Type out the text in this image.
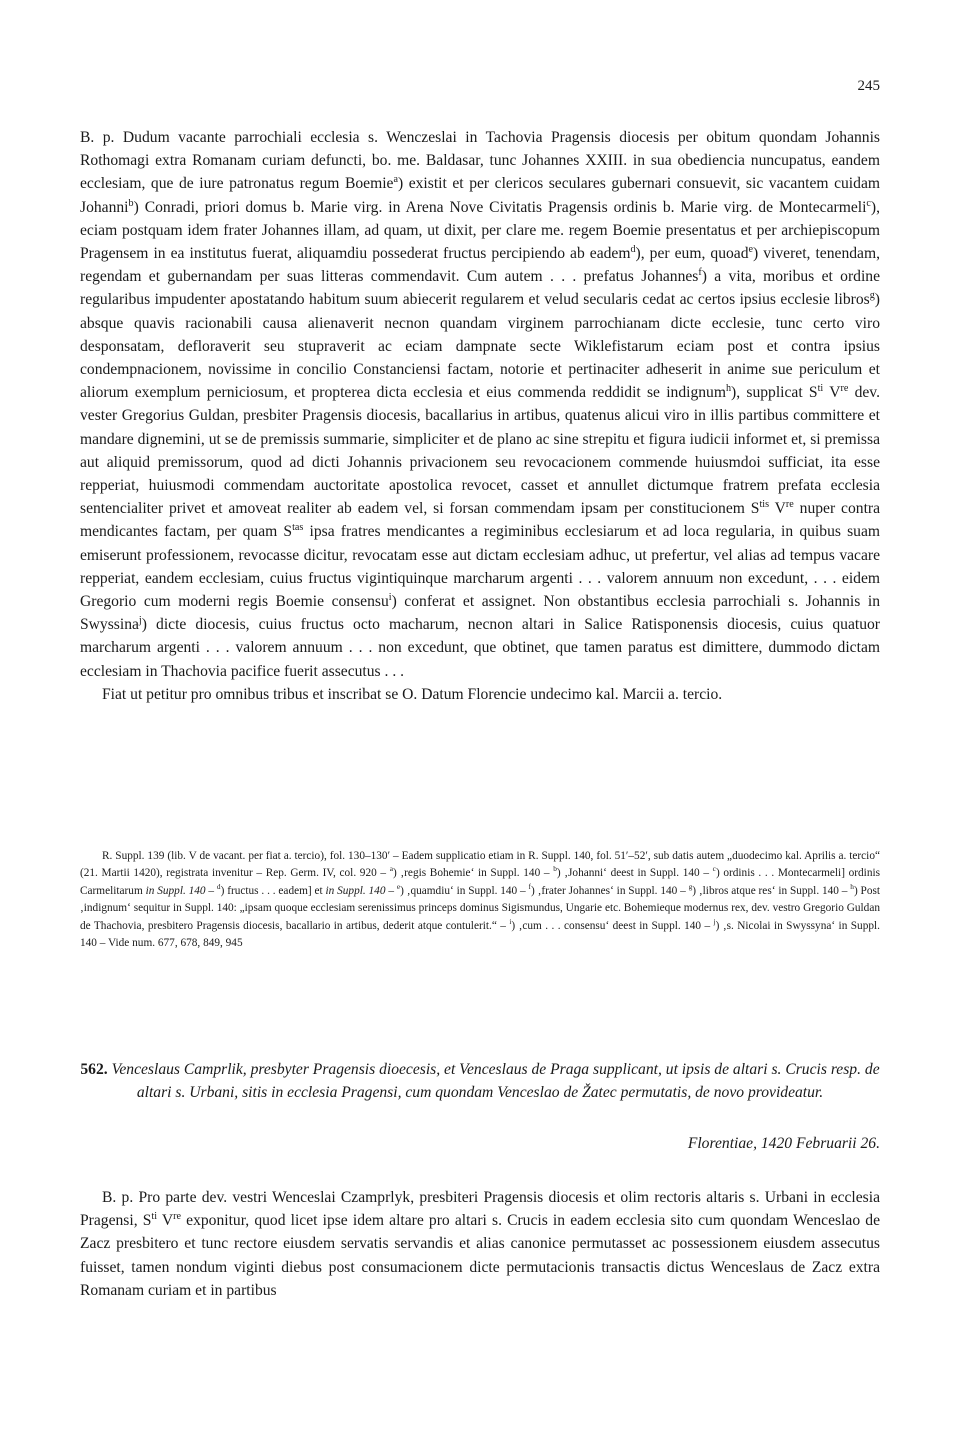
245

B. p. Dudum vacante parrochiali ecclesia s. Wenczeslai in Tachovia Pragensis diocesis per obitum quondam Johannis Rothomagi extra Romanam curiam defuncti, bo. me. Baldasar, tunc Johannes XXIII. in sua obediencia nuncupatus, eandem ecclesiam, que de iure patronatus regum Boemie$^a$) existit et per clericos seculares gubernari consuevit, sic vacantem cuidam Johanni$^b$) Conradi, priori domus b. Marie virg. in Arena Nove Civitatis Pragensis ordinis b. Marie virg. de Montecarmeli$^c$), eciam postquam idem frater Johannes illam, ad quam, ut dixit, per clare me. regem Boemie presentatus et per archiepiscopum Pragensem in ea institutus fuerat, aliquamdiu possederat fructus percipiendo ab eadem$^d$), per eum, quoad$^e$) viveret, tenendam, regendam et gubernandam per suas litteras commendavit. Cum autem . . . prefatus Johannes$^f$) a vita, moribus et ordine regularibus impudenter apostatando habitum suum abiecerit regularem et velud secularis cedat ac certos ipsius ecclesie libros$^g$) absque quavis racionabili causa alienaverit necnon quandam virginem parrochianam dicte ecclesie, tunc certo viro desponsatam, defloraverit seu stupraverit ac eciam dampnate secte Wiklefistarum eciam post et contra ipsius condempnacionem, novissime in concilio Constanciensi factam, notorie et pertinaciter adheserit in anime sue periculum et aliorum exemplum perniciosum, et propterea dicta ecclesia et eius commenda reddidit se indignum$^h$), supplicat $S^{ti}$ Vre dev. vester Gregorius Guldan, presbiter Pragensis diocesis, bacallarius in artibus, quatenus alicui viro in illis partibus committere et mandare dignemini, ut se de premissis summarie, simpliciter et de plano ac sine strepitu et figura iudicii informet et, si premissa aut aliquid premissorum, quod ad dicti Johannis privacionem seu revocacionem commende huiusmdoi sufficiat, ita esse repperiat, huiusmodi commendam auctoritate apostolica revocet, casset et annullet dictumque fratrem prefata ecclesia sentencialiter privet et amoveat realiter ab eadem vel, si forsan commendam ipsam per constitucionem $S^{tis}$ Vre nuper contra mendicantes factam, per quam $S^{tas}$ ipsa fratres mendicantes a regiminibus ecclesiarum et ad loca regularia, in quibus suam emiserunt professionem, revocasse dicitur, revocatam esse aut dictam ecclesiam adhuc, ut prefertur, vel alias ad tempus vacare repperiat, eandem ecclesiam, cuius fructus vigintiquinque marcharum argenti . . . valorem annuum non excedunt, . . . eidem Gregorio cum moderni regis Boemie consensu$^i$) conferat et assignet. Non obstantibus ecclesia parrochiali s. Johannis in Swyssina$^j$) dicte diocesis, cuius fructus octo macharum, necnon altari in Salice Ratisponensis diocesis, cuius quatuor marcharum argenti . . . valorem annuum . . . non excedunt, que obtinet, que tamen paratus est dimittere, dummodo dictam ecclesiam in Thachovia pacifice fuerit assecutus . . .

Fiat ut petitur pro omnibus tribus et inscribat se O. Datum Florencie undecimo kal. Marcii a. tercio.

R. Suppl. 139 (lib. V de vacant. per fiat a. tercio), fol. 130–130′ – Eadem supplicatio etiam in R. Suppl. 140, fol. 51′–52′, sub datis autem „duodecimo kal. Aprilis a. tercio“ (21. Martii 1420), registrata invenitur – Rep. Germ. IV, col. 920 – $^a$) ‚regis Bohemie‘ in Suppl. 140 – $^b$) ‚Johanni‘ deest in Suppl. 140 – $^c$) ordinis . . . Montecarmeli] ordinis Carmelitarum in Suppl. 140 – $^d$) fructus . . . eadem] et in Suppl. 140 – $^e$) ‚quamdiu‘ in Suppl. 140 – $^f$) ‚frater Johannes‘ in Suppl. 140 – $^g$) ‚libros atque res‘ in Suppl. 140 – $^h$) Post ‚indignum‘ sequitur in Suppl. 140: „ipsam quoque ecclesiam serenissimus princeps dominus Sigismundus, Ungarie etc. Bohemieque modernus rex, dev. vestro Gregorio Guldan de Thachovia, presbitero Pragensis diocesis, bacallario in artibus, dederit atque contulerit.“ – $^i$) ‚cum . . . consensu‘ deest in Suppl. 140 – $^j$) ‚s. Nicolai in Swyssyna‘ in Suppl. 140 – Vide num. 677, 678, 849, 945

562. Venceslaus Camprlik, presbyter Pragensis dioecesis, et Venceslaus de Praga supplicant, ut ipsis de altari s. Crucis resp. de altari s. Urbani, sitis in ecclesia Pragensi, cum quondam Venceslao de Žatec permutatis, de novo provideatur.
Florentiae, 1420 Februarii 26.

B. p. Pro parte dev. vestri Wenceslai Czamprlyk, presbiteri Pragensis diocesis et olim rectoris altaris s. Urbani in ecclesia Pragensi, $S^{ti}$ Vre exponitur, quod licet ipse idem altare pro altari s. Crucis in eadem ecclesia sito cum quondam Wenceslao de Zacz presbitero et tunc rectore eiusdem servatis servandis et alias canonice permutasset ac possessionem eiusdem assecutus fuisset, tamen nondum viginti diebus post consumacionem dicte permutacionis transactis dictus Wenceslaus de Zacz extra Romanam curiam et in partibus
